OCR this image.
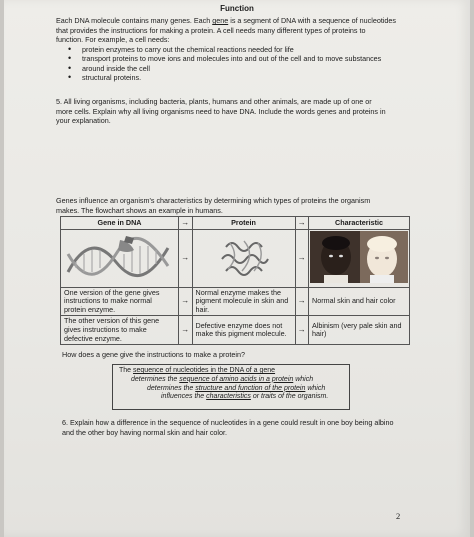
Function
Each DNA molecule contains many genes. Each gene is a segment of DNA with a sequence of nucleotides
that provides the instructions for making a protein. A cell needs many different types of proteins to
function. For example, a cell needs:
• protein enzymes to carry out the chemical reactions needed for life
• transport proteins to move ions and molecules into and out of the cell and to move substances
• around inside the cell
• structural proteins.
5. All living organisms, including bacteria, plants, humans and other animals, are made up of one or
more cells. Explain why all living organisms need to have DNA. Include the words genes and proteins in
your explanation.
Genes influence an organism's characteristics by determining which types of proteins the organism
makes. The flowchart shows an example in humans.
Gene in DNA	→	Protein	→	Characteristic
	→		→	
One version of the gene gives instructions to make normal protein enzyme.	→	Normal enzyme makes the pigment molecule in skin and hair.	→	Normal skin and hair color
The other version of this gene gives instructions to make defective enzyme.	→	Defective enzyme does not make this pigment molecule.	→	Albinism (very pale skin and hair)
How does a gene give the instructions to make a protein?
The sequence of nucleotides in the DNA of a gene
determines the sequence of amino acids in a protein which
determines the structure and function of the protein which
influences the characteristics or traits of the organism.
6. Explain how a difference in the sequence of nucleotides in a gene could result in one boy being albino
and the other boy having normal skin and hair color.
2
